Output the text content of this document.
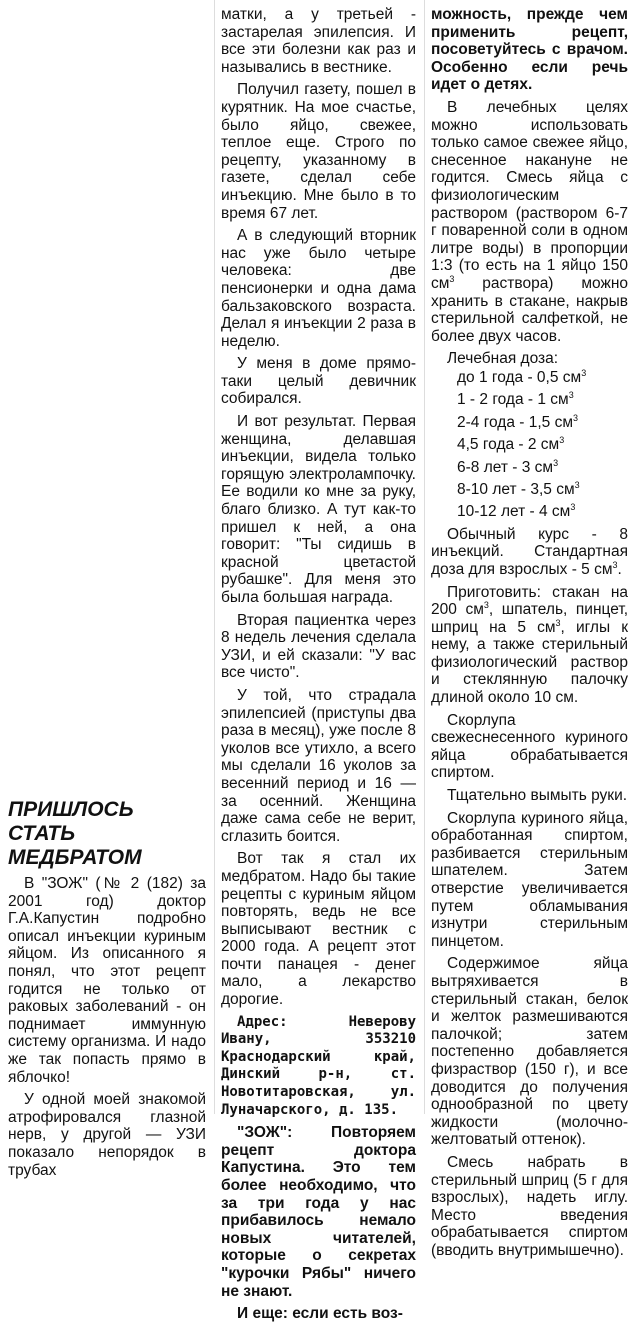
ПРИШЛОСЬ СТАТЬ
МЕДБРАТОМ

В "ЗОЖ" (№ 2 (182) за 2001 год) доктор Г.А.Капустин подробно описал инъекции куриным яйцом. Из описанного я понял, что этот рецепт годится не только от раковых заболеваний - он поднимает иммунную систему организма. И надо же так попасть прямо в яблочко!

У одной моей знакомой атрофировался глазной нерв, у другой — УЗИ показало непорядок в трубах

матки, а у третьей - застарелая эпилепсия. И все эти болезни как раз и назывались в вестнике.

Получил газету, пошел в курятник. На мое счастье, было яйцо, свежее, теплое еще. Строго по рецепту, указанному в газете, сделал себе инъекцию. Мне было в то время 67 лет.

А в следующий вторник нас уже было четыре человека: две пенсионерки и одна дама бальзаковского возраста. Делал я инъекции 2 раза в неделю.

У меня в доме прямо-таки целый девичник собирался.

И вот результат. Первая женщина, делавшая инъекции, видела только горящую электролампочку. Ее водили ко мне за руку, благо близко. А тут как-то пришел к ней, а она говорит: "Ты сидишь в красной цветастой рубашке". Для меня это была большая награда.

Вторая пациентка через 8 недель лечения сделала УЗИ, и ей сказали: "У вас все чисто".

У той, что страдала эпилепсией (приступы два раза в месяц), уже после 8 уколов все утихло, а всего мы сделали 16 уколов за весенний период и 16 — за осенний. Женщина даже сама себе не верит, сглазить боится.

Вот так я стал их медбратом. Надо бы такие рецепты с куриным яйцом повторять, ведь не все выписывают вестник с 2000 года. А рецепт этот почти панацея - денег мало, а лекарство дорогие.

Адрес: Неверову Ивану, 353210 Краснодарский край, Динский р-н, ст. Новотитаровская, ул. Луначарского, д. 135.

"ЗОЖ": Повторяем рецепт доктора Капустина. Это тем более необходимо, что за три года у нас прибавилось немало новых читателей, которые о секретах "курочки Рябы" ничего не знают.

И еще: если есть воз-

можность, прежде чем применить рецепт, посоветуйтесь с врачом. Особенно если речь идет о детях.

В лечебных целях можно использовать только самое свежее яйцо, снесенное накануне не годится. Смесь яйца с физиологическим раствором (раствором 6-7 г поваренной соли в одном литре воды) в пропорции 1:3 (то есть на 1 яйцо 150 $см^3$ раствора) можно хранить в стакане, накрыв стерильной салфеткой, не более двух часов.

Лечебная доза:

до 1 года - 0,5 $см^3$

1 - 2 года - 1 $см^3$

2-4 года - 1,5 $см^3$

4,5 года - 2 $см^3$

6-8 лет - 3 $см^3$

8-10 лет - 3,5 $см^3$

10-12 лет - 4 $см^3$

Обычный курс - 8 инъекций. Стандартная доза для взрослых - 5 $см^3$.

Приготовить: стакан на 200 $см^3$, шпатель, пинцет, шприц на 5 $см^3$, иглы к нему, а также стерильный физиологический раствор и стеклянную палочку длиной около 10 см.

Скорлупа свежеснесенного куриного яйца обрабатывается спиртом.

Тщательно вымыть руки.

Скорлупа куриного яйца, обработанная спиртом, разбивается стерильным шпателем. Затем отверстие увеличивается путем обламывания изнутри стерильным пинцетом.

Содержимое яйца вытряхивается в стерильный стакан, белок и желток размешиваются палочкой; затем постепенно добавляется физраствор (150 г), и все доводится до получения однообразной по цвету жидкости (молочно-желтоватый оттенок).

Смесь набрать в стерильный шприц (5 г для взрослых), надеть иглу. Место введения обрабатывается спиртом (вводить внутримышечно).
